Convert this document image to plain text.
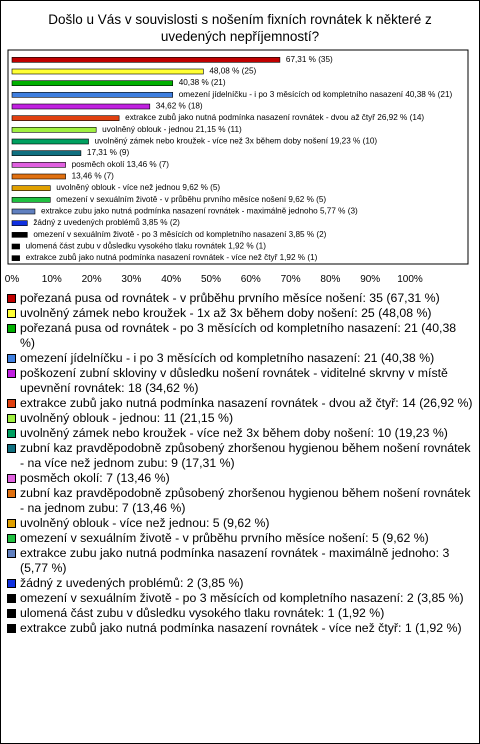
Došlo u Vás v souvislosti s nošením fixních rovnátek k některé z uvedených nepříjemností?
67,31 % (35)
48,08 % (25)
40,38 % (21)
omezení jídelníčku - i po 3 měsících od kompletního nasazení 40,38 % (21)
34,62 % (18)
extrakce zubů jako nutná podmínka nasazení rovnátek - dvou až čtyř 26,92 % (14)
uvolněný oblouk - jednou 21,15 % (11)
uvolněný zámek nebo kroužek - více než 3x během doby nošení 19,23 % (10)
17,31 % (9)
posměch okolí 13,46 % (7)
13,46 % (7)
uvolněný oblouk - více než jednou 9,62 % (5)
omezení v sexuálním životě - v průběhu prvního měsíce nošení 9,62 % (5)
extrakce zubu jako nutná podmínka nasazení rovnátek - maximálně jednoho 5,77 % (3)
žádný z uvedených problémů 3,85 % (2)
omezení v sexuálním životě - po 3 měsících od kompletního nasazení 3,85 % (2)
ulomená část zubu v důsledku vysokého tlaku rovnátek 1,92 % (1)
extrakce zubů jako nutná podmínka nasazení rovnátek - více než čtyř 1,92 % (1)
0% 10% 20% 30% 40% 50% 60% 70% 80% 90% 100%
pořezaná pusa od rovnátek - v průběhu prvního měsíce nošení: 35 (67,31 %)
uvolněný zámek nebo kroužek - 1x až 3x během doby nošení: 25 (48,08 %)
pořezaná pusa od rovnátek - po 3 měsících od kompletního nasazení: 21 (40,38 %)
omezení jídelníčku - i po 3 měsících od kompletního nasazení: 21 (40,38 %)
poškození zubní skloviny v důsledku nošení rovnátek - viditelné skrvny v místě upevnění rovnátek: 18 (34,62 %)
extrakce zubů jako nutná podmínka nasazení rovnátek - dvou až čtyř: 14 (26,92 %)
uvolněný oblouk - jednou: 11 (21,15 %)
uvolněný zámek nebo kroužek - více než 3x během doby nošení: 10 (19,23 %)
zubní kaz pravděpodobně způsobený zhoršenou hygienou během nošení rovnátek - na více než jednom zubu: 9 (17,31 %)
posměch okolí: 7 (13,46 %)
zubní kaz pravděpodobně způsobený zhoršenou hygienou během nošení rovnátek - na jednom zubu: 7 (13,46 %)
uvolněný oblouk - více než jednou: 5 (9,62 %)
omezení v sexuálním životě - v průběhu prvního měsíce nošení: 5 (9,62 %)
extrakce zubu jako nutná podmínka nasazení rovnátek - maximálně jednoho: 3 (5,77 %)
žádný z uvedených problémů: 2 (3,85 %)
omezení v sexuálním životě - po 3 měsících od kompletního nasazení: 2 (3,85 %)
ulomená část zubu v důsledku vysokého tlaku rovnátek: 1 (1,92 %)
extrakce zubů jako nutná podmínka nasazení rovnátek - více než čtyř: 1 (1,92 %)
